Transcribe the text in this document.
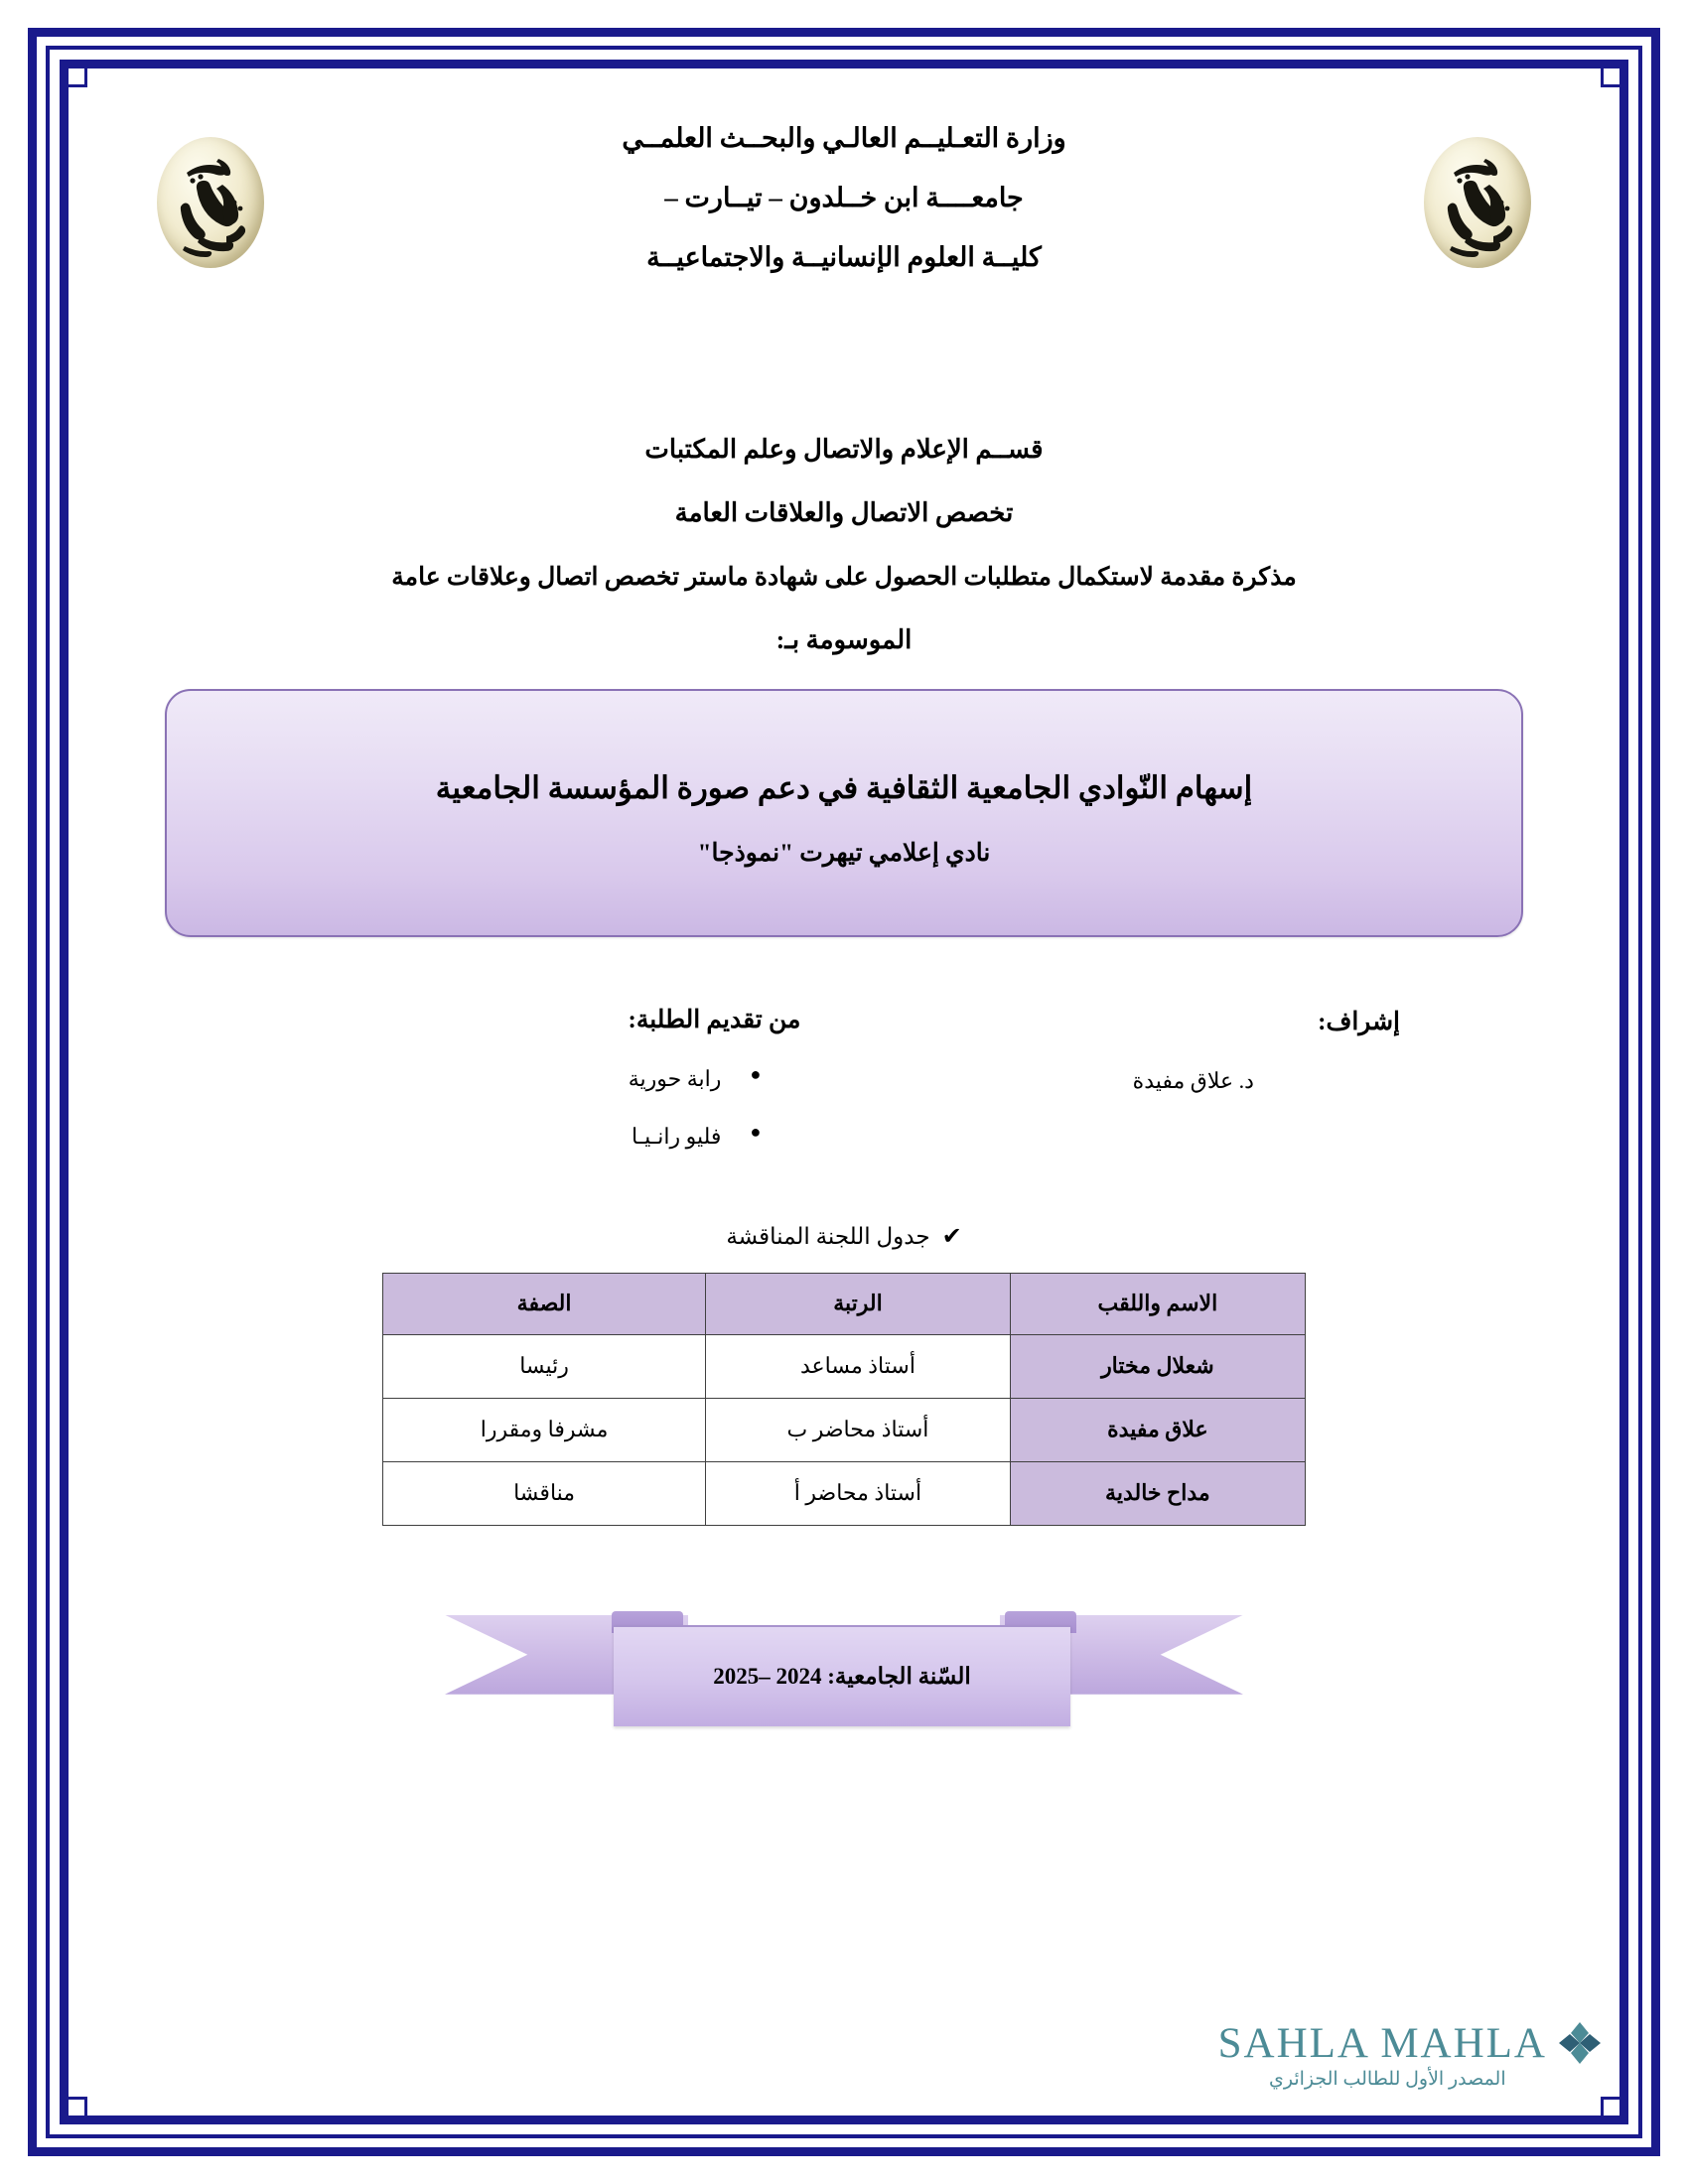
وزارة التعـليــم العالـي والبحــث العلمــي
جامعــــة ابن خــلدون – تيــارت –
كليــة العلوم الإنسانيــة والاجتماعيــة
قســم الإعلام والاتصال وعلم المكتبات
تخصص الاتصال والعلاقات العامة
مذكرة مقدمة لاستكمال متطلبات الحصول على شهادة ماستر تخصص اتصال وعلاقات عامة
الموسومة بـ:
إسهام النّوادي الجامعية الثقافية في دعم صورة المؤسسة الجامعية
نادي إعلامي تيهرت "نموذجا"
إشراف:
د. علاق مفيدة
من تقديم الطلبة:
● رابة حورية
● فليو رانـيـا
✔جدول اللجنة المناقشة
الاسم واللقب	الرتبة	الصفة
شعلال مختار	أستاذ مساعد	رئيسا
علاق مفيدة	أستاذ محاضر ب	مشرفا ومقررا
مداح خالدية	أستاذ محاضر أ	مناقشا
السّنة الجامعية: 2024 –2025
SAHLA MAHLA
المصدر الأول للطالب الجزائري
